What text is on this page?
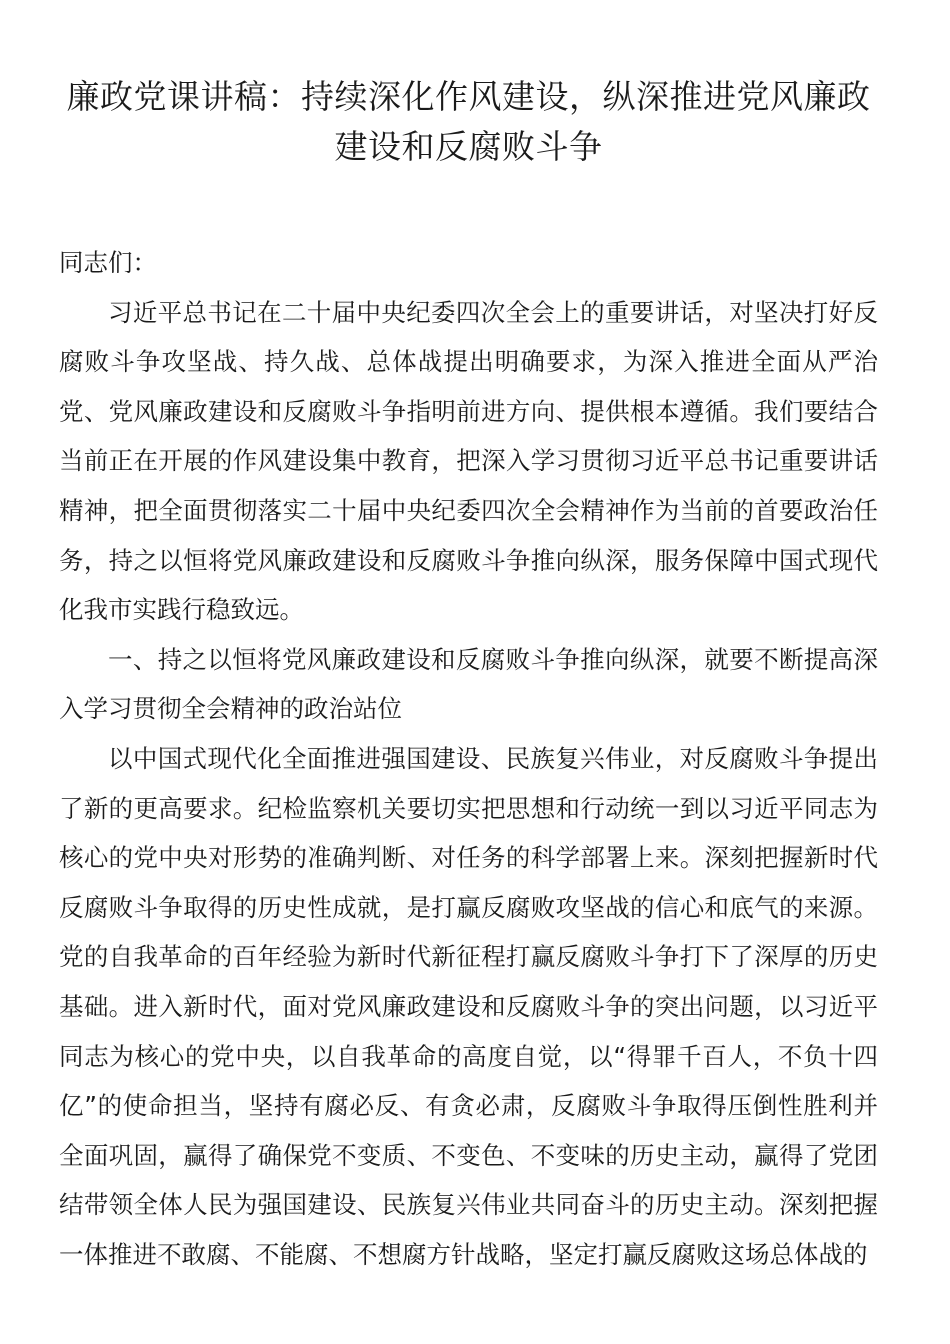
廉政党课讲稿：持续深化作风建设，纵深推进党风廉政建设和反腐败斗争

同志们：

习近平总书记在二十届中央纪委四次全会上的重要讲话，对坚决打好反腐败斗争攻坚战、持久战、总体战提出明确要求，为深入推进全面从严治党、党风廉政建设和反腐败斗争指明前进方向、提供根本遵循。我们要结合当前正在开展的作风建设集中教育，把深入学习贯彻习近平总书记重要讲话精神，把全面贯彻落实二十届中央纪委四次全会精神作为当前的首要政治任务，持之以恒将党风廉政建设和反腐败斗争推向纵深，服务保障中国式现代化我市实践行稳致远。

一、持之以恒将党风廉政建设和反腐败斗争推向纵深，就要不断提高深入学习贯彻全会精神的政治站位

以中国式现代化全面推进强国建设、民族复兴伟业，对反腐败斗争提出了新的更高要求。纪检监察机关要切实把思想和行动统一到以习近平同志为核心的党中央对形势的准确判断、对任务的科学部署上来。深刻把握新时代反腐败斗争取得的历史性成就，是打赢反腐败攻坚战的信心和底气的来源。党的自我革命的百年经验为新时代新征程打赢反腐败斗争打下了深厚的历史基础。进入新时代，面对党风廉政建设和反腐败斗争的突出问题，以习近平同志为核心的党中央，以自我革命的高度自觉，以“得罪千百人，不负十四亿”的使命担当，坚持有腐必反、有贪必肃，反腐败斗争取得压倒性胜利并全面巩固，赢得了确保党不变质、不变色、不变味的历史主动，赢得了党团结带领全体人民为强国建设、民族复兴伟业共同奋斗的历史主动。深刻把握一体推进不敢腐、不能腐、不想腐方针战略，坚定打赢反腐败这场总体战的
